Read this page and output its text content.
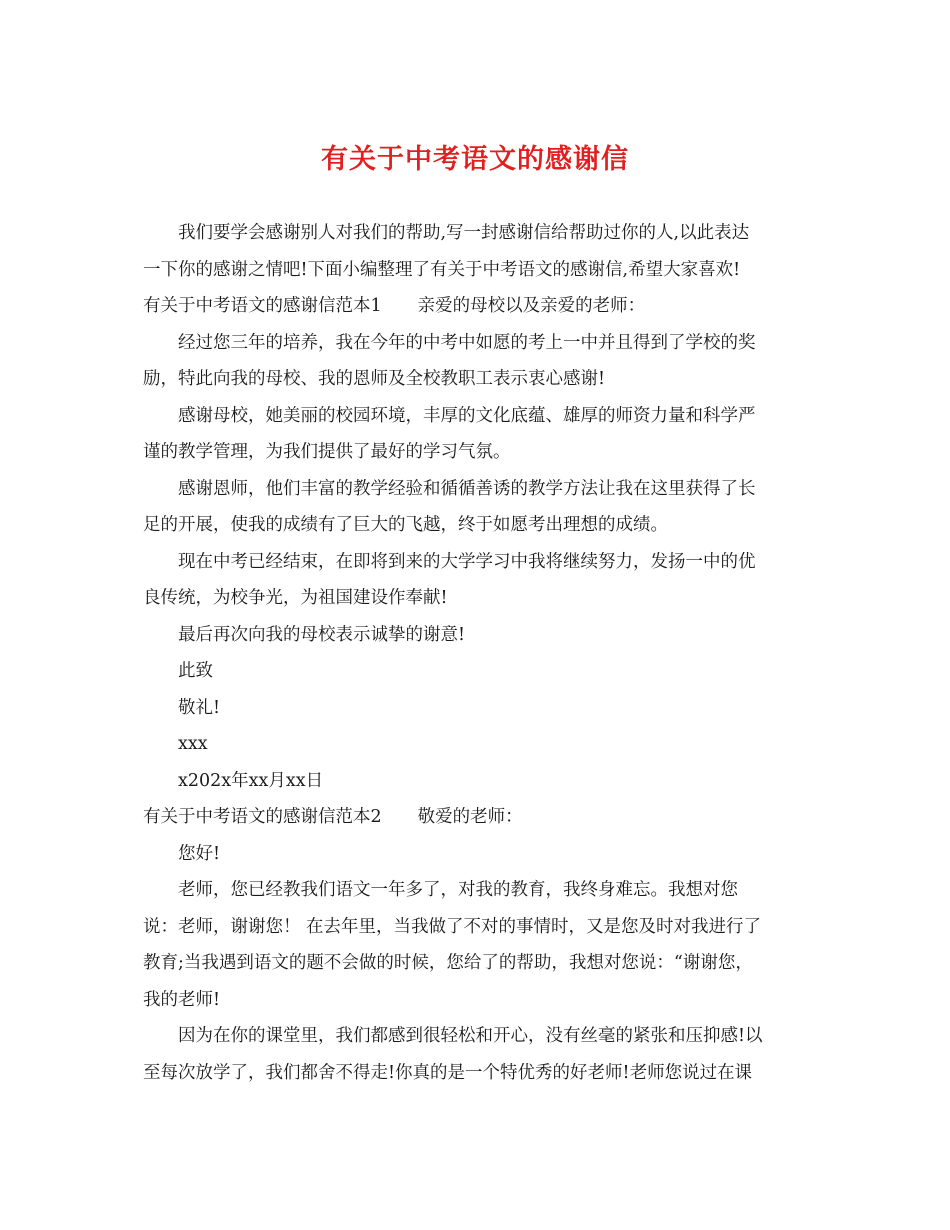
有关于中考语文的感谢信

我们要学会感谢别人对我们的帮助,写一封感谢信给帮助过你的人,以此表达

一下你的感谢之情吧!下面小编整理了有关于中考语文的感谢信,希望大家喜欢!

有关于中考语文的感谢信范本1 亲爱的母校以及亲爱的老师：

经过您三年的培养，我在今年的中考中如愿的考上一中并且得到了学校的奖

励，特此向我的母校、我的恩师及全校教职工表示衷心感谢!

感谢母校，她美丽的校园环境，丰厚的文化底蕴、雄厚的师资力量和科学严

谨的教学管理，为我们提供了最好的学习气氛。

感谢恩师，他们丰富的教学经验和循循善诱的教学方法让我在这里获得了长

足的开展，使我的成绩有了巨大的飞越，终于如愿考出理想的成绩。

现在中考已经结束，在即将到来的大学学习中我将继续努力，发扬一中的优

良传统，为校争光，为祖国建设作奉献!

最后再次向我的母校表示诚挚的谢意!

此致

敬礼!

xxx

x202x年xx月xx日

有关于中考语文的感谢信范本2 敬爱的老师：

您好!

老师，您已经教我们语文一年多了，对我的教育，我终身难忘。我想对您

说：老师，谢谢您！ 在去年里，当我做了不对的事情时，又是您及时对我进行了

教育;当我遇到语文的题不会做的时候，您给了的帮助，我想对您说：“谢谢您，

我的老师!

因为在你的课堂里，我们都感到很轻松和开心，没有丝毫的紧张和压抑感!以

至每次放学了，我们都舍不得走!你真的是一个特优秀的好老师!老师您说过在课
